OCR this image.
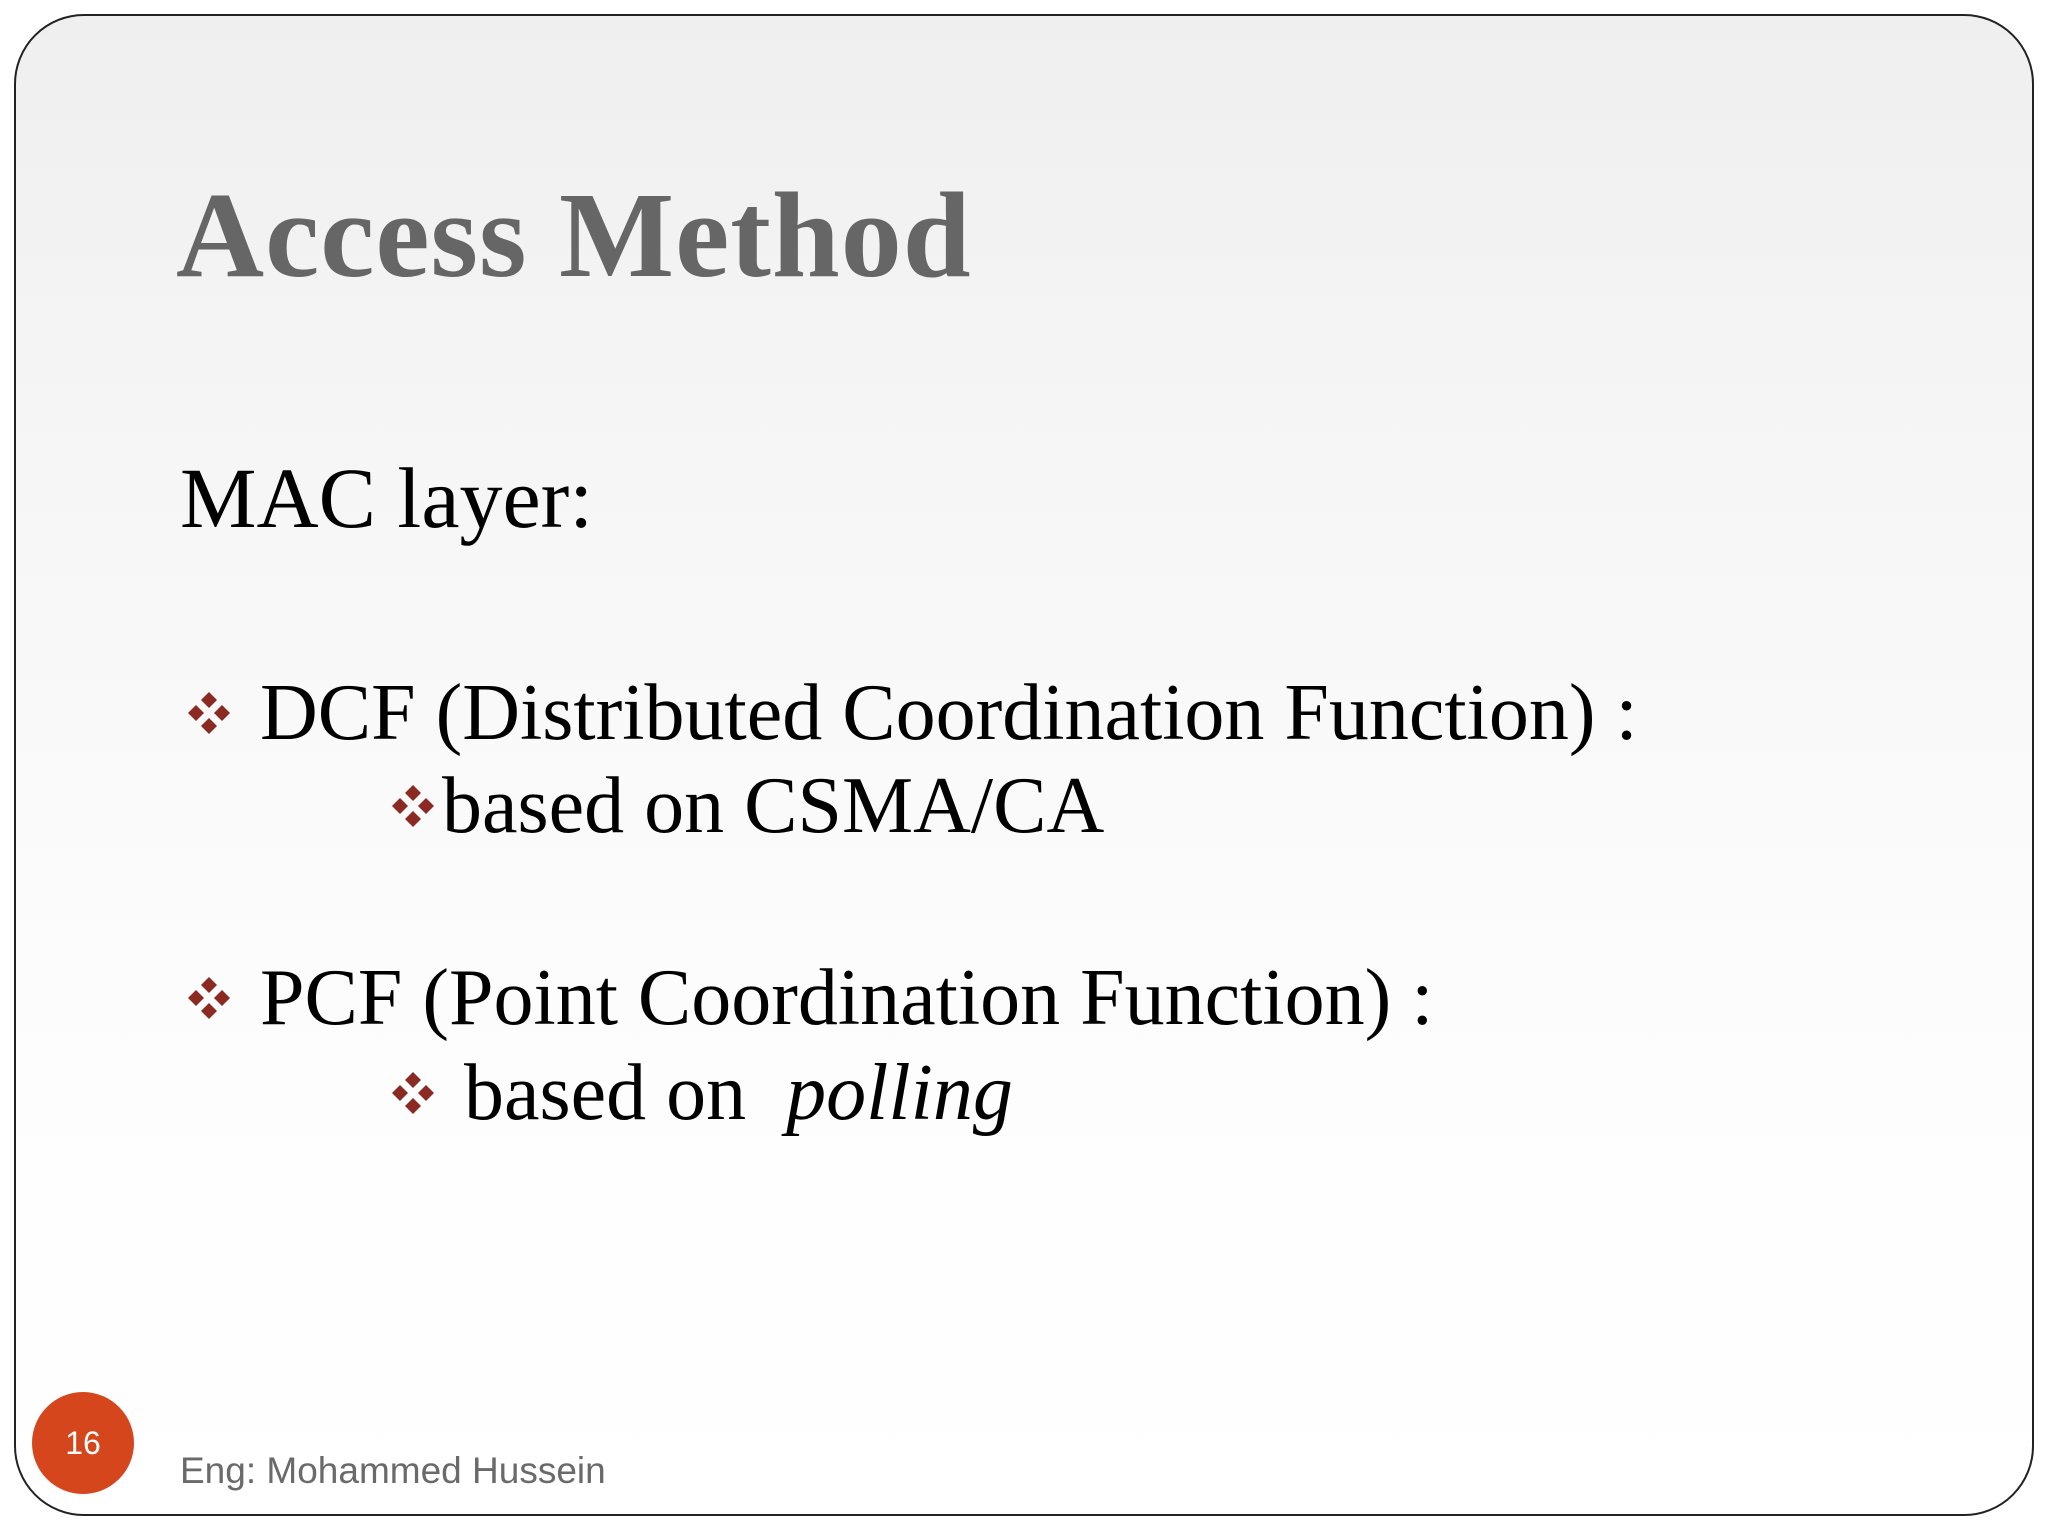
Access Method
MAC layer:
DCF (Distributed Coordination Function) :
based on CSMA/CA
PCF (Point Coordination Function) :
based on polling
16
Eng: Mohammed Hussein
